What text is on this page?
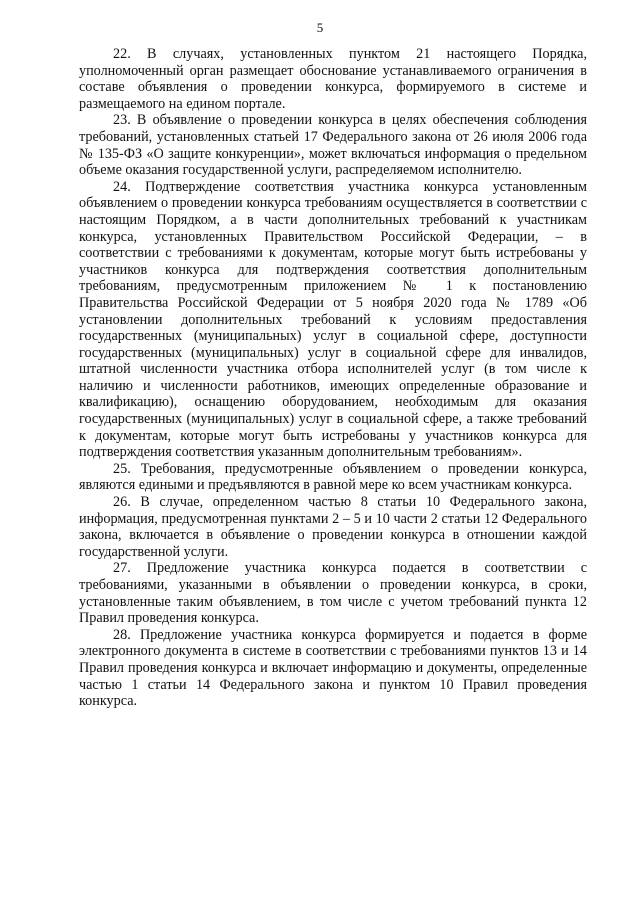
5

22. В случаях, установленных пунктом 21 настоящего Порядка, уполномоченный орган размещает обоснование устанавливаемого ограничения в составе объявления о проведении конкурса, формируемого в системе и размещаемого на едином портале.

23. В объявление о проведении конкурса в целях обеспечения соблюдения требований, установленных статьей 17 Федерального закона от 26 июля 2006 года № 135-ФЗ «О защите конкуренции», может включаться информация о предельном объеме оказания государственной услуги, распределяемом исполнителю.

24. Подтверждение соответствия участника конкурса установленным объявлением о проведении конкурса требованиям осуществляется в соответствии с настоящим Порядком, а в части дополнительных требований к участникам конкурса, установленных Правительством Российской Федерации, – в соответствии с требованиями к документам, которые могут быть истребованы у участников конкурса для подтверждения соответствия дополнительным требованиям, предусмотренным приложением № 1 к постановлению Правительства Российской Федерации от 5 ноября 2020 года № 1789 «Об установлении дополнительных требований к условиям предоставления государственных (муниципальных) услуг в социальной сфере, доступности государственных (муниципальных) услуг в социальной сфере для инвалидов, штатной численности участника отбора исполнителей услуг (в том числе к наличию и численности работников, имеющих определенные образование и квалификацию), оснащению оборудованием, необходимым для оказания государственных (муниципальных) услуг в социальной сфере, а также требований к документам, которые могут быть истребованы у участников конкурса для подтверждения соответствия указанным дополнительным требованиям».

25. Требования, предусмотренные объявлением о проведении конкурса, являются едиными и предъявляются в равной мере ко всем участникам конкурса.

26. В случае, определенном частью 8 статьи 10 Федерального закона, информация, предусмотренная пунктами 2 – 5 и 10 части 2 статьи 12 Федерального закона, включается в объявление о проведении конкурса в отношении каждой государственной услуги.

27. Предложение участника конкурса подается в соответствии с требованиями, указанными в объявлении о проведении конкурса, в сроки, установленные таким объявлением, в том числе с учетом требований пункта 12 Правил проведения конкурса.

28. Предложение участника конкурса формируется и подается в форме электронного документа в системе в соответствии с требованиями пунктов 13 и 14 Правил проведения конкурса и включает информацию и документы, определенные частью 1 статьи 14 Федерального закона и пунктом 10 Правил проведения конкурса.
